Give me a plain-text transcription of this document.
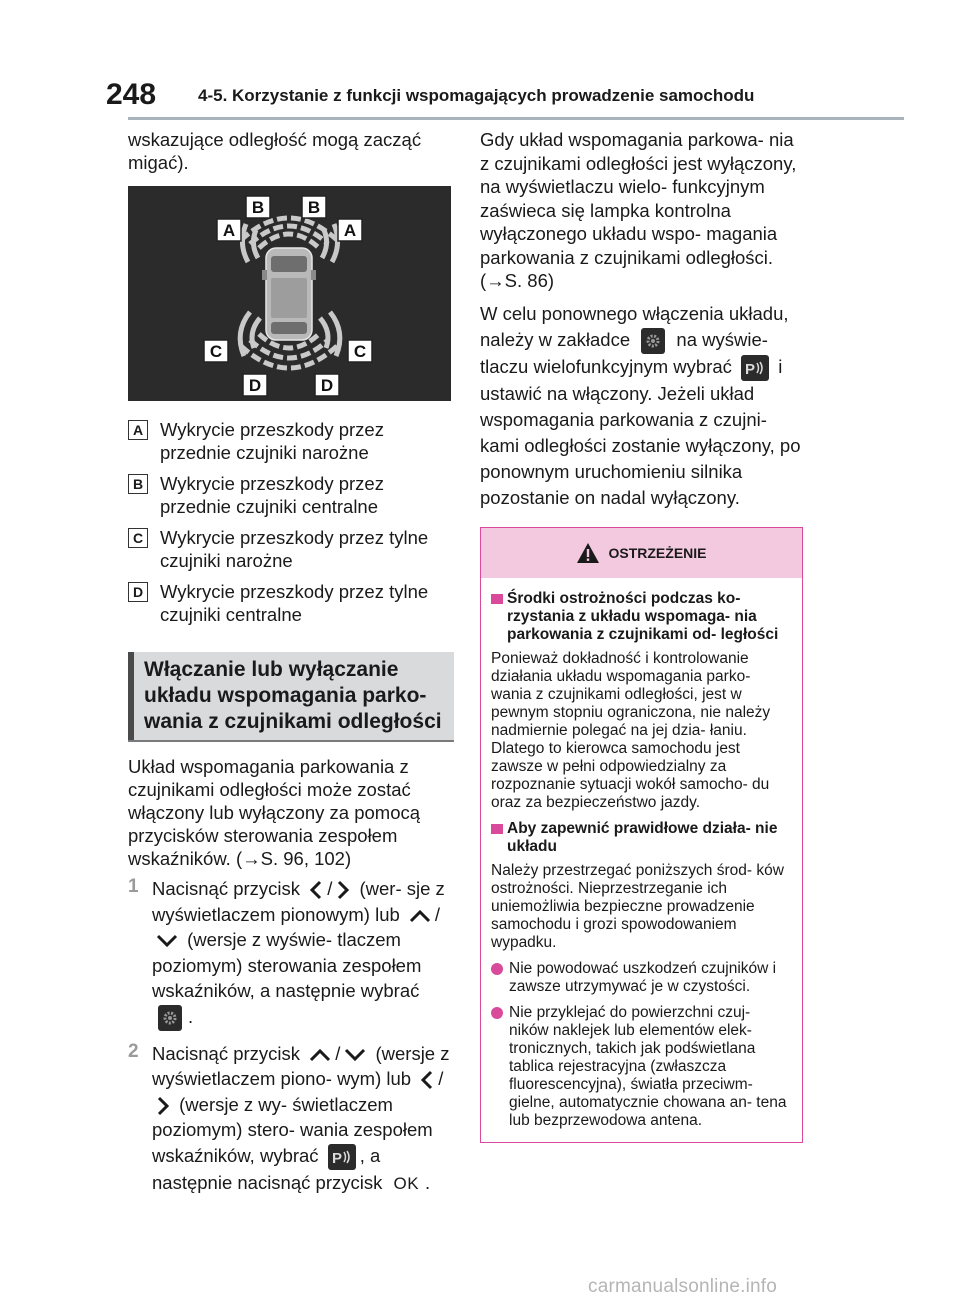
248 4-5. Korzystanie z funkcji wspomagających prowadzenie samochodu

wskazujące odległość mogą zacząć migać).

B	B
A	A
C	C
D	D
A Wykrycie przeszkody przez przednie czujniki narożne
B Wykrycie przeszkody przez przednie czujniki centralne
C Wykrycie przeszkody przez tylne czujniki narożne
D Wykrycie przeszkody przez tylne czujniki centralne
Włączanie lub wyłączanie układu wspomagania parko- wania z czujnikami odległości

Układ wspomagania parkowania z czujnikami odległości może zostać włączony lub wyłączony za pomocą przycisków sterowania zespołem wskaźników. (→S. 96, 102)

1 Nacisnąć przycisk / (wer- sje z wyświetlaczem pionowym) lub / (wersje z wyświe- tlaczem poziomym) sterowania zespołem wskaźników, a następnie wybrać
.
2 Nacisnąć przycisk / (wersje z wyświetlaczem piono- wym) lub / (wersje z wy- świetlaczem poziomym) stero- wania zespołem wskaźników, wybrać P , a następnie nacisnąć przycisk OK .

Gdy układ wspomagania parkowa- nia z czujnikami odległości jest wyłączony, na wyświetlaczu wielo- funkcyjnym zaświeca się lampka kontrolna wyłączonego układu wspo- magania parkowania z czujnikami odległości. (→S. 86)

W celu ponownego włączenia układu, należy w zakładce	na wyświe- tlaczu wielofunkcyjnym wybrać P i ustawić na włączony. Jeżeli układ wspomagania parkowania z czujni- kami odległości zostanie wyłączony, po ponownym uruchomieniu silnika pozostanie on nadal wyłączony.

OSTRZEŻENIE
Środki ostrożności podczas ko- rzystania z układu wspomaga- nia parkowania z czujnikami od- ległości

Ponieważ dokładność i kontrolowanie działania układu wspomagania parko- wania z czujnikami odległości, jest w pewnym stopniu ograniczona, nie należy nadmiernie polegać na jej dzia- łaniu. Dlatego to kierowca samochodu jest zawsze w pełni odpowiedzialny za rozpoznanie sytuacji wokół samocho- du oraz za bezpieczeństwo jazdy.

Aby zapewnić prawidłowe działa- nie układu

Należy przestrzegać poniższych środ- ków ostrożności. Nieprzestrzeganie ich uniemożliwia bezpieczne prowadzenie samochodu i grozi spowodowaniem wypadku.

Nie powodować uszkodzeń czujników i zawsze utrzymywać je w czystości.
Nie przyklejać do powierzchni czuj- ników naklejek lub elementów elek- tronicznych, takich jak podświetlana tablica rejestracyjna (zwłaszcza fluorescencyjna), światła przeciwm- gielne, automatycznie chowana an- tena lub bezprzewodowa antena.
carmanualsonline.info
